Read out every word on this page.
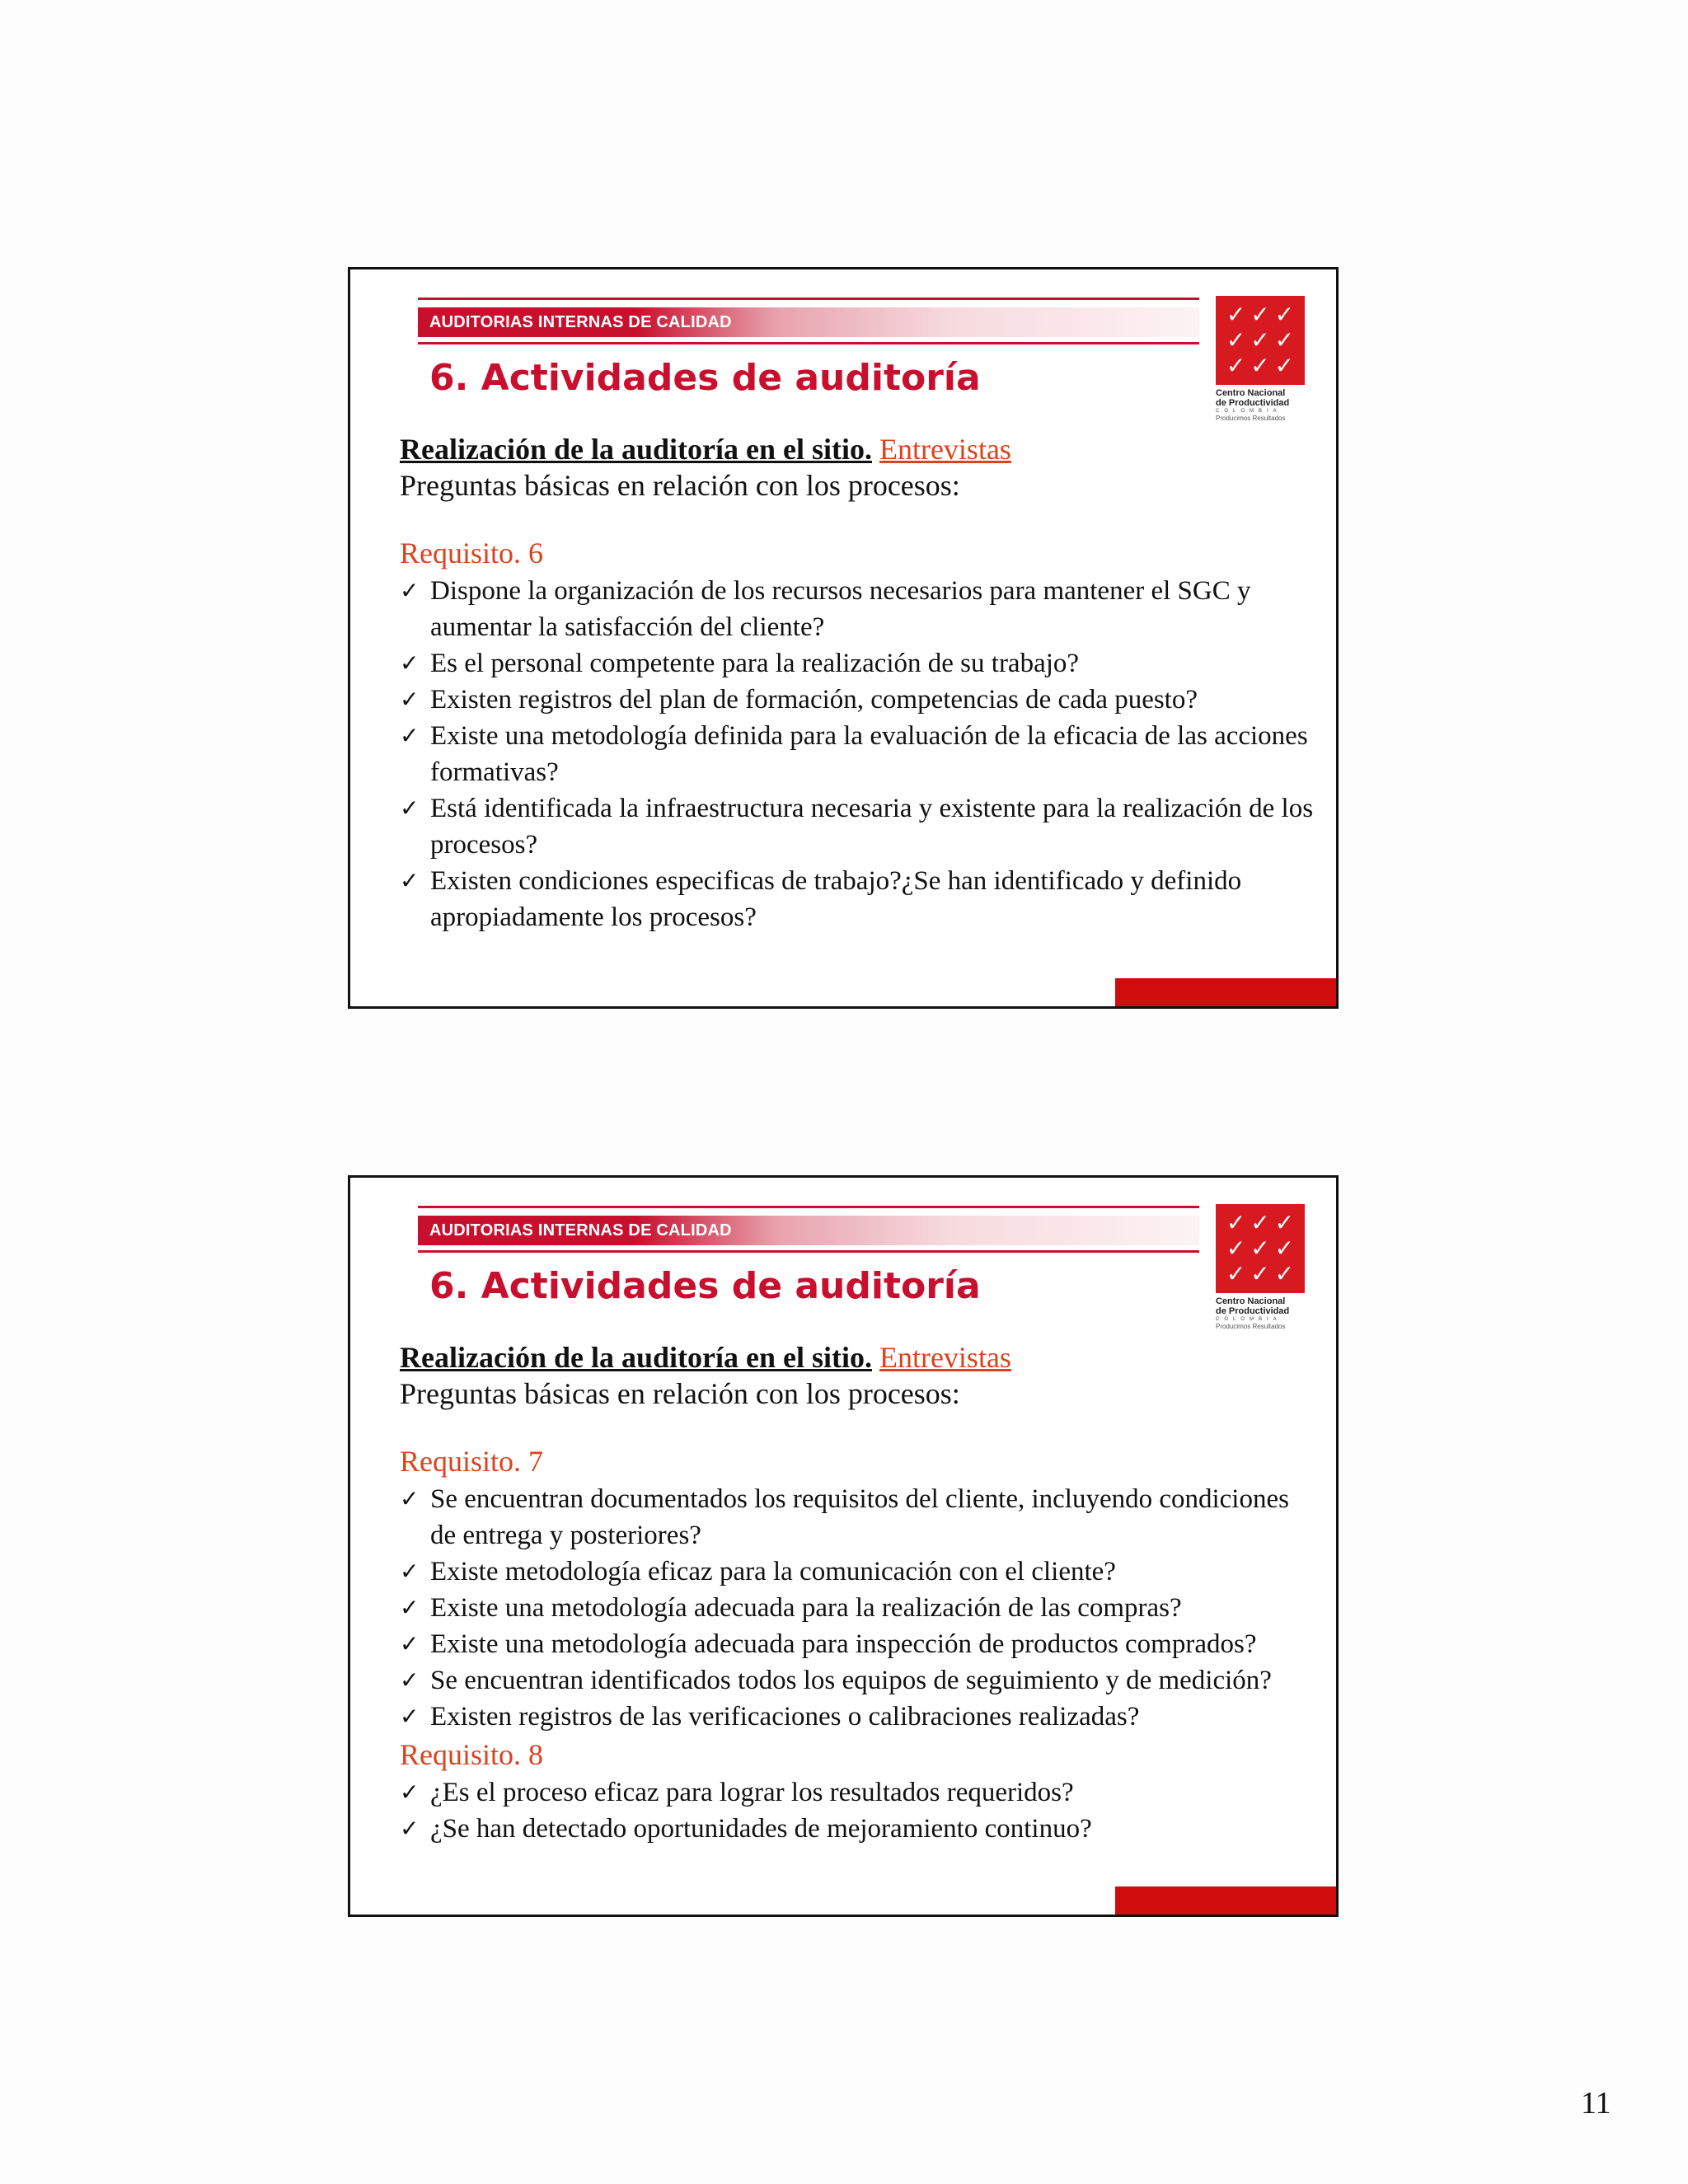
AUDITORIAS INTERNAS DE CALIDAD	✓ ✓ ✓
✓ ✓ ✓
✓ ✓ ✓
Centro Nacional
de Productividad
COLOMBIA
Producimos Resultados
6. Actividades de auditoría
Realización de la auditoría en el sitio. Entrevistas
Preguntas básicas en relación con los procesos:
Requisito. 6
✓ Dispone la organización de los recursos necesarios para mantener el SGC y aumentar la satisfacción del cliente?
✓ Es el personal competente para la realización de su trabajo?
✓ Existen registros del plan de formación, competencias de cada puesto?
✓ Existe una metodología definida para la evaluación de la eficacia de las acciones formativas?
✓ Está identificada la infraestructura necesaria y existente para la realización de los procesos?
✓ Existen condiciones especificas de trabajo?¿Se han identificado y definido apropiadamente los procesos?
AUDITORIAS INTERNAS DE CALIDAD	✓ ✓ ✓
✓ ✓ ✓
✓ ✓ ✓
Centro Nacional
de Productividad
COLOMBIA
Producimos Resultados
6. Actividades de auditoría
Realización de la auditoría en el sitio. Entrevistas
Preguntas básicas en relación con los procesos:
Requisito. 7
✓ Se encuentran documentados los requisitos del cliente, incluyendo condiciones de entrega y posteriores?
✓ Existe metodología eficaz para la comunicación con el cliente?
✓ Existe una metodología adecuada para la realización de las compras?
✓ Existe una metodología adecuada para inspección de productos comprados?
✓ Se encuentran identificados todos los equipos de seguimiento y de medición?
✓ Existen registros de las verificaciones o calibraciones realizadas?
Requisito. 8
✓ ¿Es el proceso eficaz para lograr los resultados requeridos?
✓ ¿Se han detectado oportunidades de mejoramiento continuo?
11
